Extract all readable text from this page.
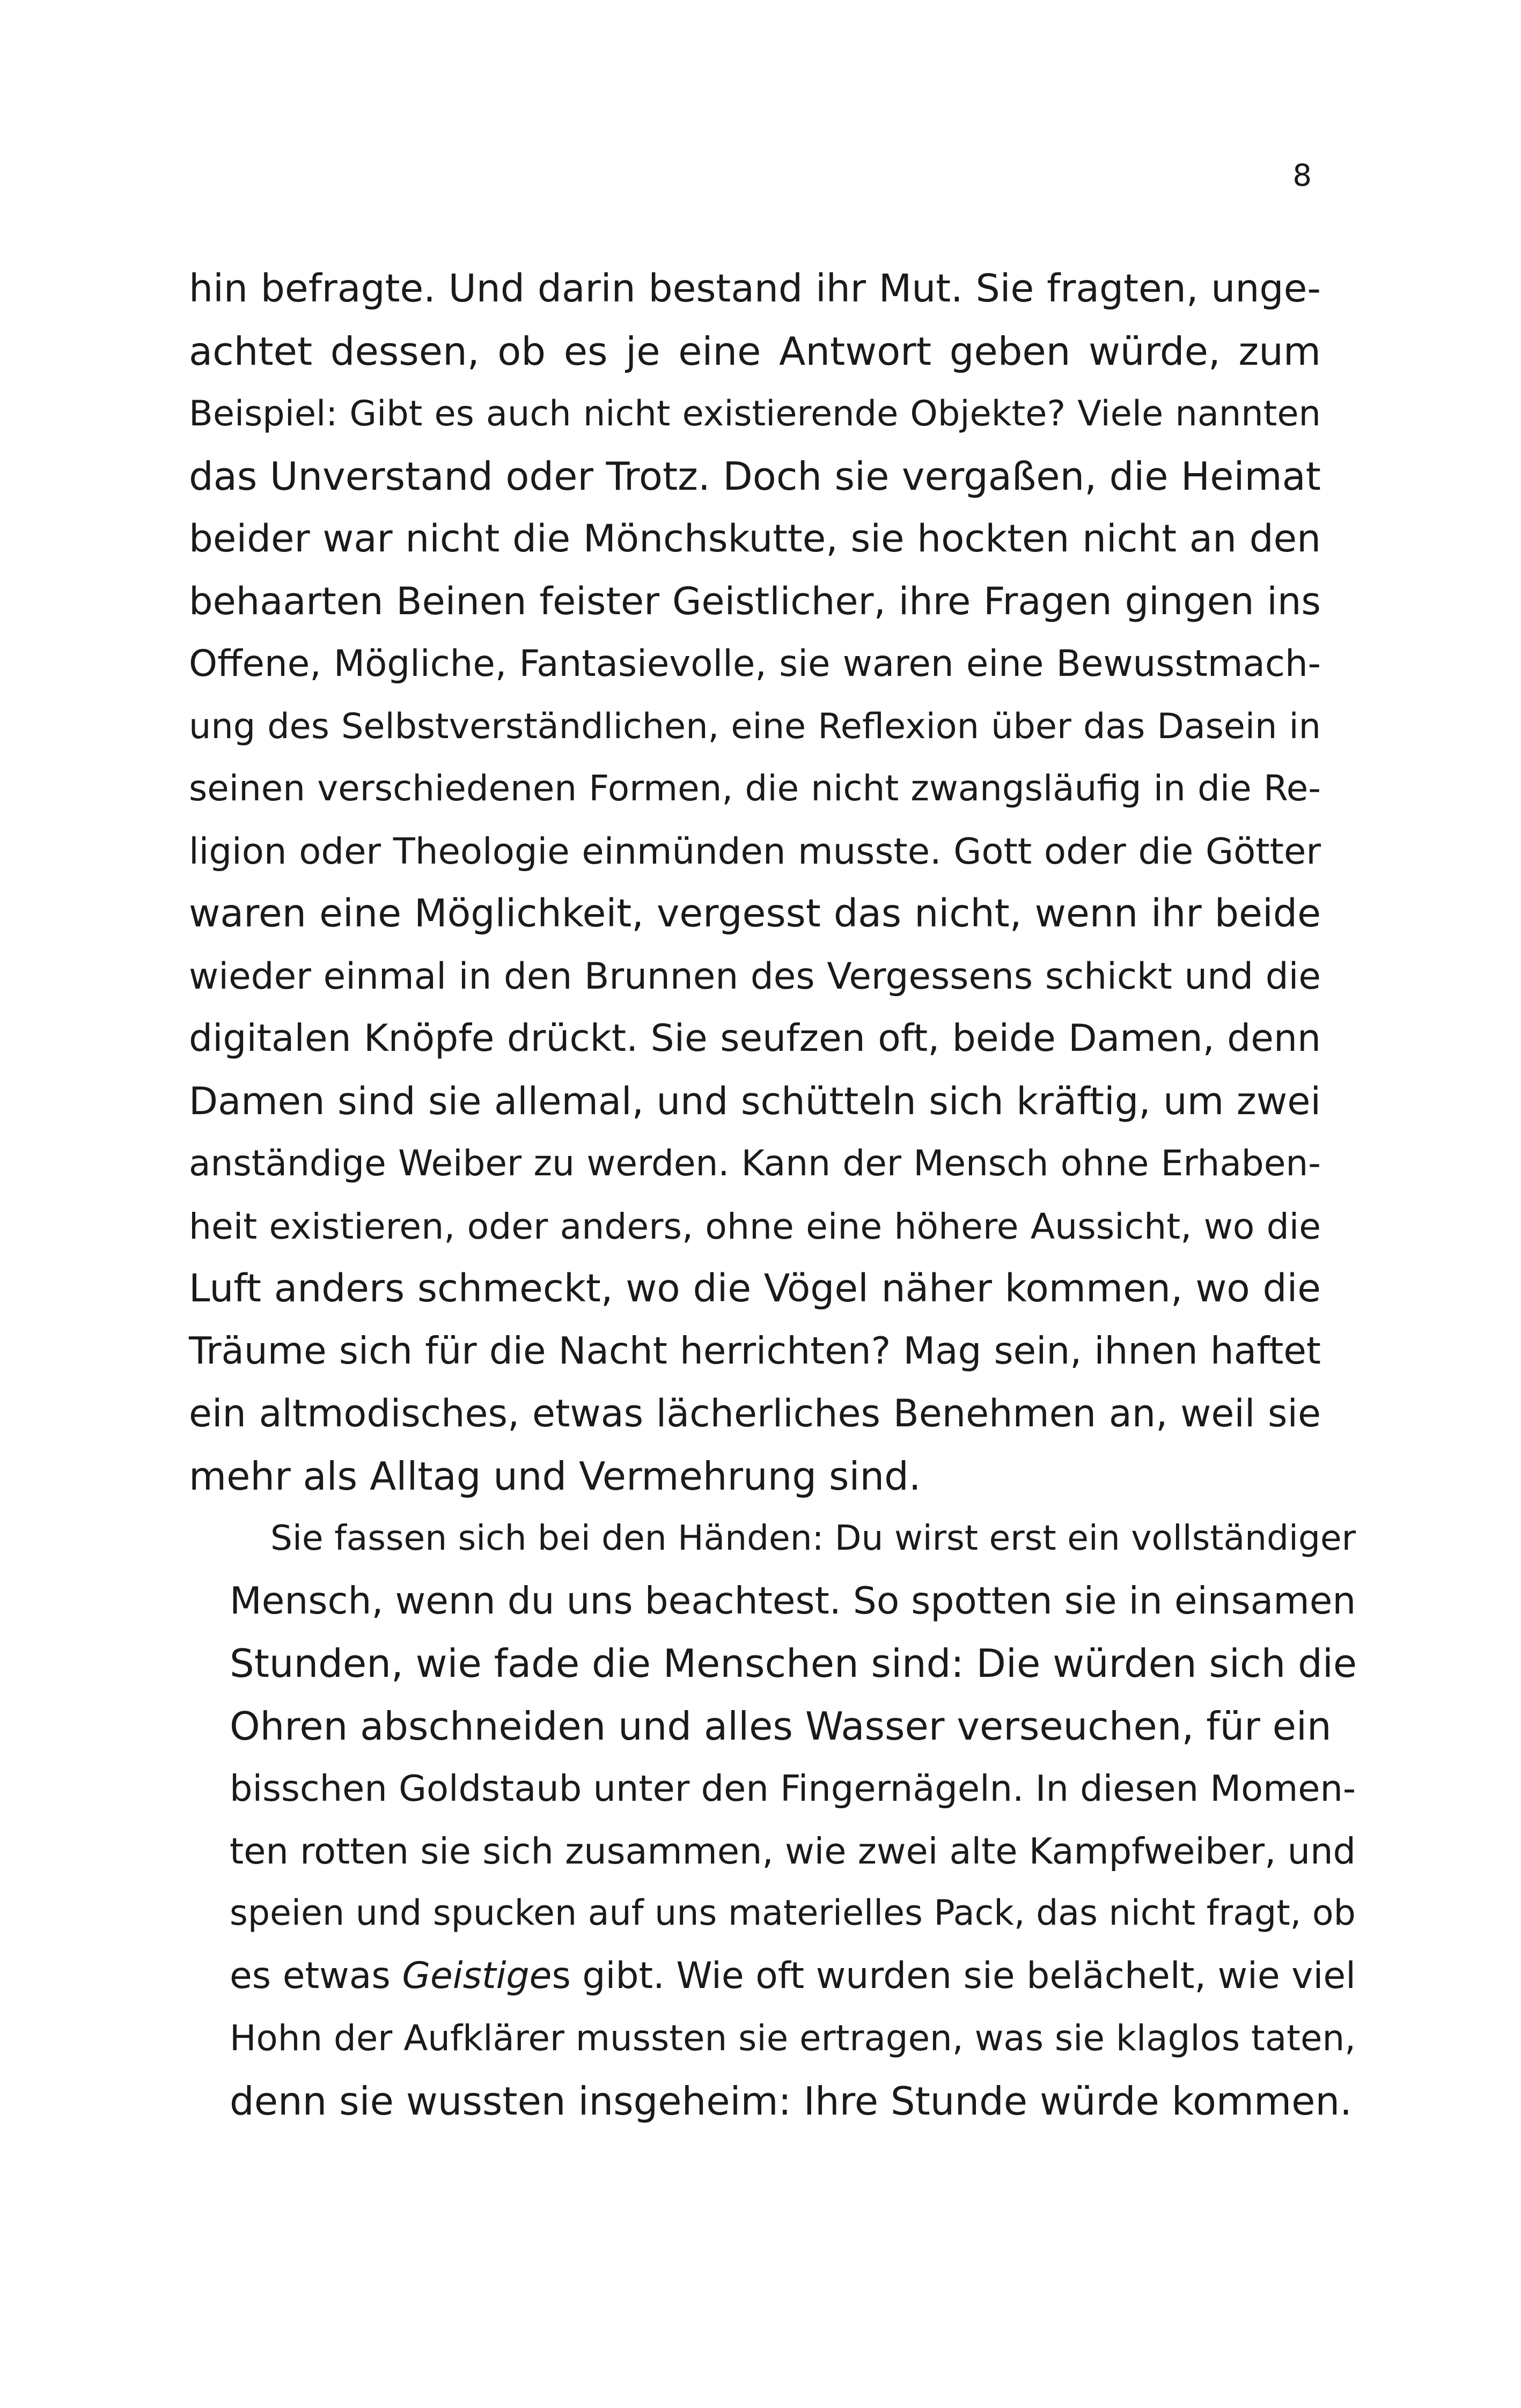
8
hin befragte. Und darin bestand ihr Mut. Sie fragten, unge-
achtet dessen, ob es je eine Antwort geben würde, zum
Beispiel: Gibt es auch nicht existierende Objekte? Viele nannten
das Unverstand oder Trotz. Doch sie vergaßen, die Heimat
beider war nicht die Mönchskutte, sie hockten nicht an den
behaarten Beinen feister Geistlicher, ihre Fragen gingen ins
Offene, Mögliche, Fantasievolle, sie waren eine Bewusstmach-
ung des Selbstverständlichen, eine Reflexion über das Dasein in
seinen verschiedenen Formen, die nicht zwangsläufig in die Re-
ligion oder Theologie einmünden musste. Gott oder die Götter
waren eine Möglichkeit, vergesst das nicht, wenn ihr beide
wieder einmal in den Brunnen des Vergessens schickt und die
digitalen Knöpfe drückt. Sie seufzen oft, beide Damen, denn
Damen sind sie allemal, und schütteln sich kräftig, um zwei
anständige Weiber zu werden. Kann der Mensch ohne Erhaben-
heit existieren, oder anders, ohne eine höhere Aussicht, wo die
Luft anders schmeckt, wo die Vögel näher kommen, wo die
Träume sich für die Nacht herrichten? Mag sein, ihnen haftet
ein altmodisches, etwas lächerliches Benehmen an, weil sie
mehr als Alltag und Vermehrung sind.
Sie fassen sich bei den Händen: Du wirst erst ein vollständiger
Mensch, wenn du uns beachtest. So spotten sie in einsamen
Stunden, wie fade die Menschen sind: Die würden sich die
Ohren abschneiden und alles Wasser verseuchen, für ein
bisschen Goldstaub unter den Fingernägeln. In diesen Momen-
ten rotten sie sich zusammen, wie zwei alte Kampfweiber, und
speien und spucken auf uns materielles Pack, das nicht fragt, ob
es etwas Geistiges gibt. Wie oft wurden sie belächelt, wie viel
Hohn der Aufklärer mussten sie ertragen, was sie klaglos taten,
denn sie wussten insgeheim: Ihre Stunde würde kommen.
